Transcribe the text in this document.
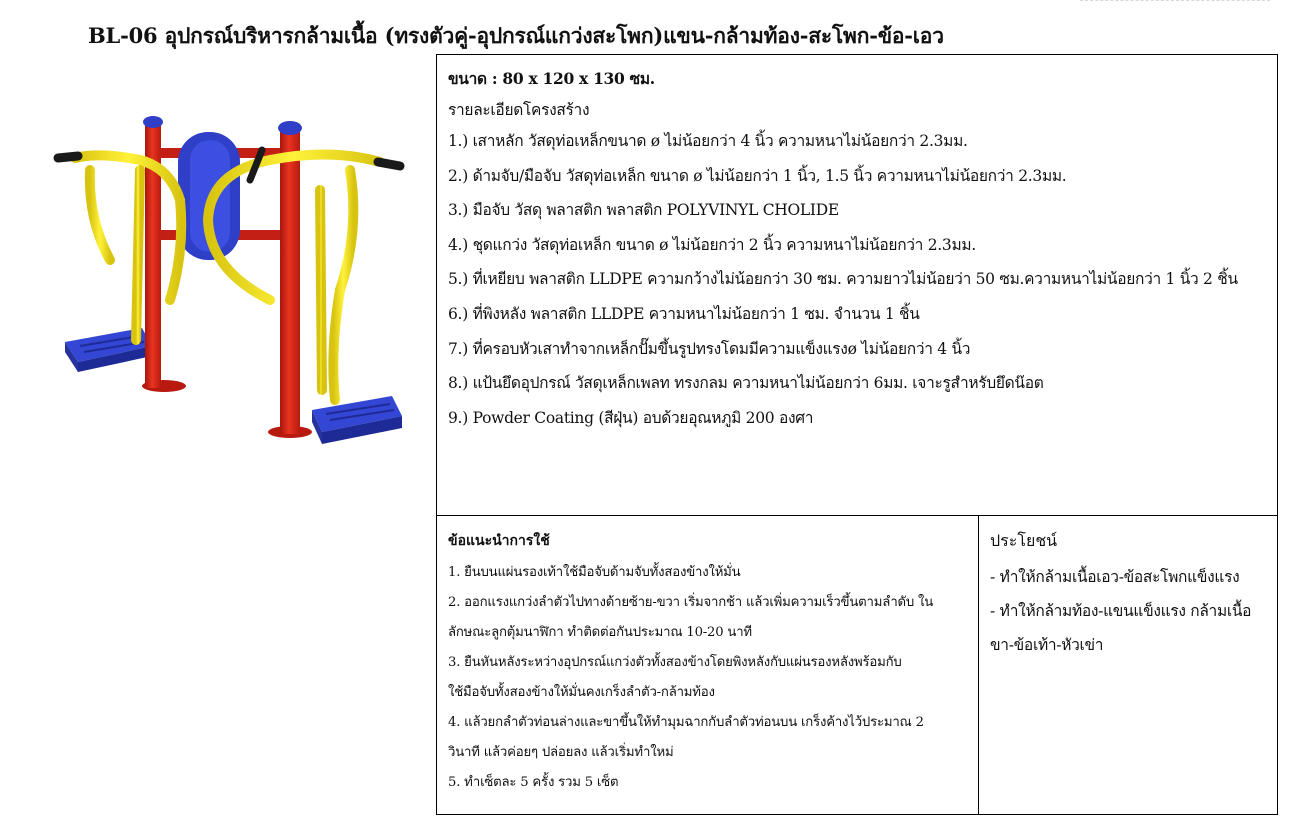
BL-06 อุปกรณ์บริหารกล้ามเนื้อ (ทรงตัวคู่-อุปกรณ์แกว่งสะโพก)แขน-กล้ามท้อง-สะโพก-ข้อ-เอว
ขนาด : 80 x 120 x 130 ซม.
รายละเอียดโครงสร้าง
1.) เสาหลัก วัสดุท่อเหล็กขนาด ø ไม่น้อยกว่า 4 นิ้ว ความหนาไม่น้อยกว่า 2.3มม.
2.) ด้ามจับ/มือจับ วัสดุท่อเหล็ก ขนาด ø ไม่น้อยกว่า 1 นิ้ว, 1.5 นิ้ว ความหนาไม่น้อยกว่า 2.3มม.
3.) มือจับ วัสดุ พลาสติก พลาสติก POLYVINYL CHOLIDE
4.) ชุดแกว่ง วัสดุท่อเหล็ก ขนาด ø ไม่น้อยกว่า 2 นิ้ว ความหนาไม่น้อยกว่า 2.3มม.
5.) ที่เหยียบ พลาสติก LLDPE ความกว้างไม่น้อยกว่า 30 ซม. ความยาวไม่น้อยว่า 50 ซม.ความหนาไม่น้อยกว่า 1 นิ้ว 2 ชิ้น
6.) ที่พิงหลัง พลาสติก LLDPE ความหนาไม่น้อยกว่า 1 ซม. จำนวน 1 ชิ้น
7.) ที่ครอบหัวเสาทำจากเหล็กปั๊มขึ้นรูปทรงโดมมีความแข็งแรงø ไม่น้อยกว่า 4 นิ้ว
8.) แป้นยึดอุปกรณ์ วัสดุเหล็กเพลท ทรงกลม ความหนาไม่น้อยกว่า 6มม. เจาะรูสำหรับยึดน๊อต
9.) Powder Coating (สีฝุ่น) อบด้วยอุณหภูมิ 200 องศา
ข้อแนะนำการใช้
1. ยืนบนแผ่นรองเท้าใช้มือจับด้ามจับทั้งสองข้างให้มั่น
2. ออกแรงแกว่งลำตัวไปทางด้ายซ้าย-ขวา เริ่มจากช้า แล้วเพิ่มความเร็วขึ้นตามลำดับ ใน
ลักษณะลูกตุ้มนาฬิกา ทำติดต่อกันประมาณ 10-20 นาที
3. ยืนหันหลังระหว่างอุปกรณ์แกว่งตัวทั้งสองข้างโดยพิงหลังกับแผ่นรองหลังพร้อมกับ
ใช้มือจับทั้งสองข้างให้มั่นคงเกร็งลำตัว-กล้ามท้อง
4. แล้วยกลำตัวท่อนล่างและขาขึ้นให้ทำมุมฉากกับลำตัวท่อนบน เกร็งค้างไว้ประมาณ 2
วินาที แล้วค่อยๆ ปล่อยลง แล้วเริ่มทำใหม่
5. ทำเซ็ตละ 5 ครั้ง รวม 5 เซ็ต
ประโยชน์
- ทำให้กล้ามเนื้อเอว-ข้อสะโพกแข็งแรง
- ทำให้กล้ามท้อง-แขนแข็งแรง กล้ามเนื้อขา-ข้อเท้า-หัวเข่า
